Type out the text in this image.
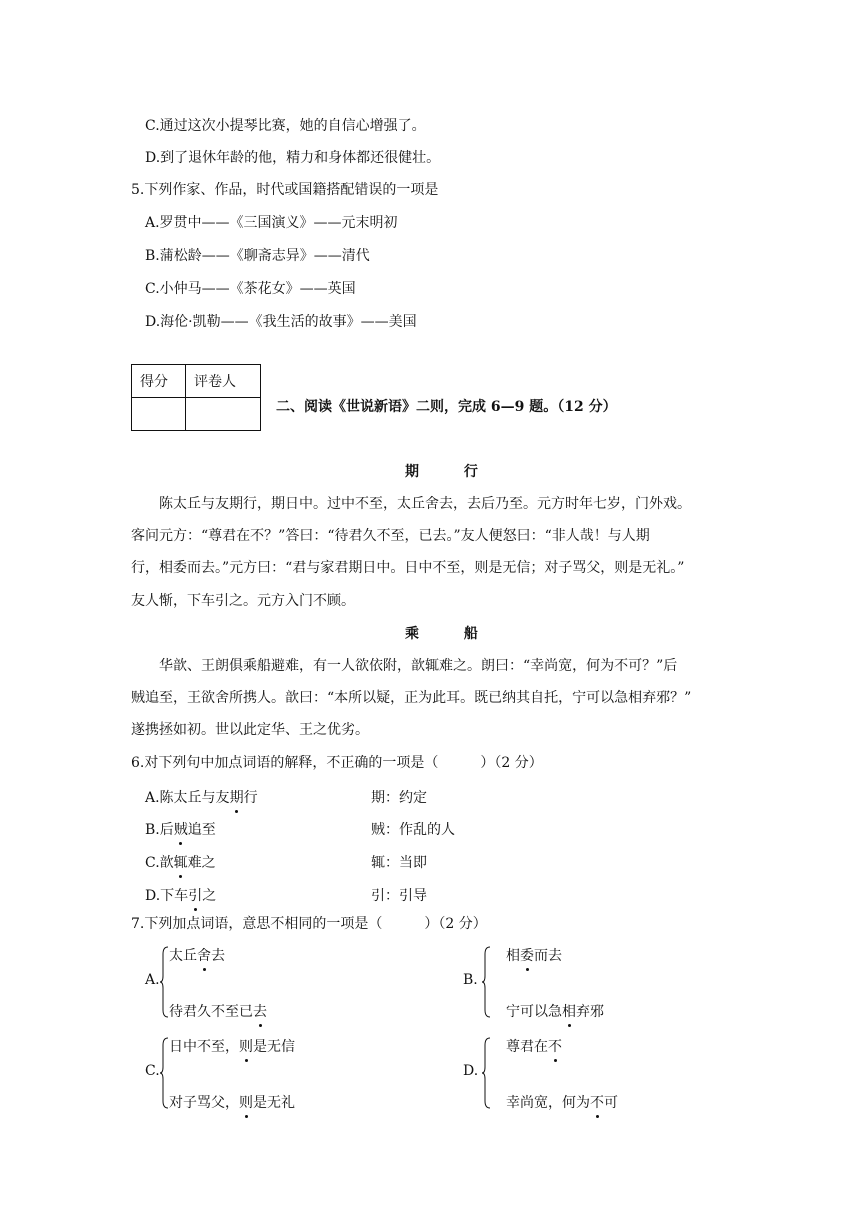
C.通过这次小提琴比赛，她的自信心增强了。
D.到了退休年龄的他，精力和身体都还很健壮。
5.下列作家、作品，时代或国籍搭配错误的一项是
A.罗贯中——《三国演义》——元末明初
B.蒲松龄——《聊斋志异》——清代
C.小仲马——《茶花女》——英国
D.海伦·凯勒——《我生活的故事》——美国
得分	评卷人

二、阅读《世说新语》二则，完成 6—9 题。（12 分）
期 行
陈太丘与友期行，期日中。过中不至，太丘舍去，去后乃至。元方时年七岁，门外戏。
客问元方：“尊君在不？”答曰：“待君久不至，已去。”友人便怒曰：“非人哉！与人期
行，相委而去。”元方曰：“君与家君期日中。日中不至，则是无信；对子骂父，则是无礼。”
友人惭，下车引之。元方入门不顾。
乘 船
华歆、王朗俱乘船避难，有一人欲依附，歆辄难之。朗曰：“幸尚宽，何为不可？”后
贼追至，王欲舍所携人。歆曰：“本所以疑，正为此耳。既已纳其自托，宁可以急相弃邪？”
遂携拯如初。世以此定华、王之优劣。
6.对下列句中加点词语的解释，不正确的一项是（　　　）（2 分）
A.陈太丘与友期行	期：约定
B.后贼追至	贼：作乱的人
C.歆辄难之	辄：当即
D.下车引之	引：引导
7.下列加点词语，意思不相同的一项是（　　　）（2 分）
A.
太丘舍去
待君久不至已去
B.
相委而去
宁可以急相弃邪
C.
日中不至，则是无信
对子骂父，则是无礼
D.
尊君在不
幸尚宽，何为不可
